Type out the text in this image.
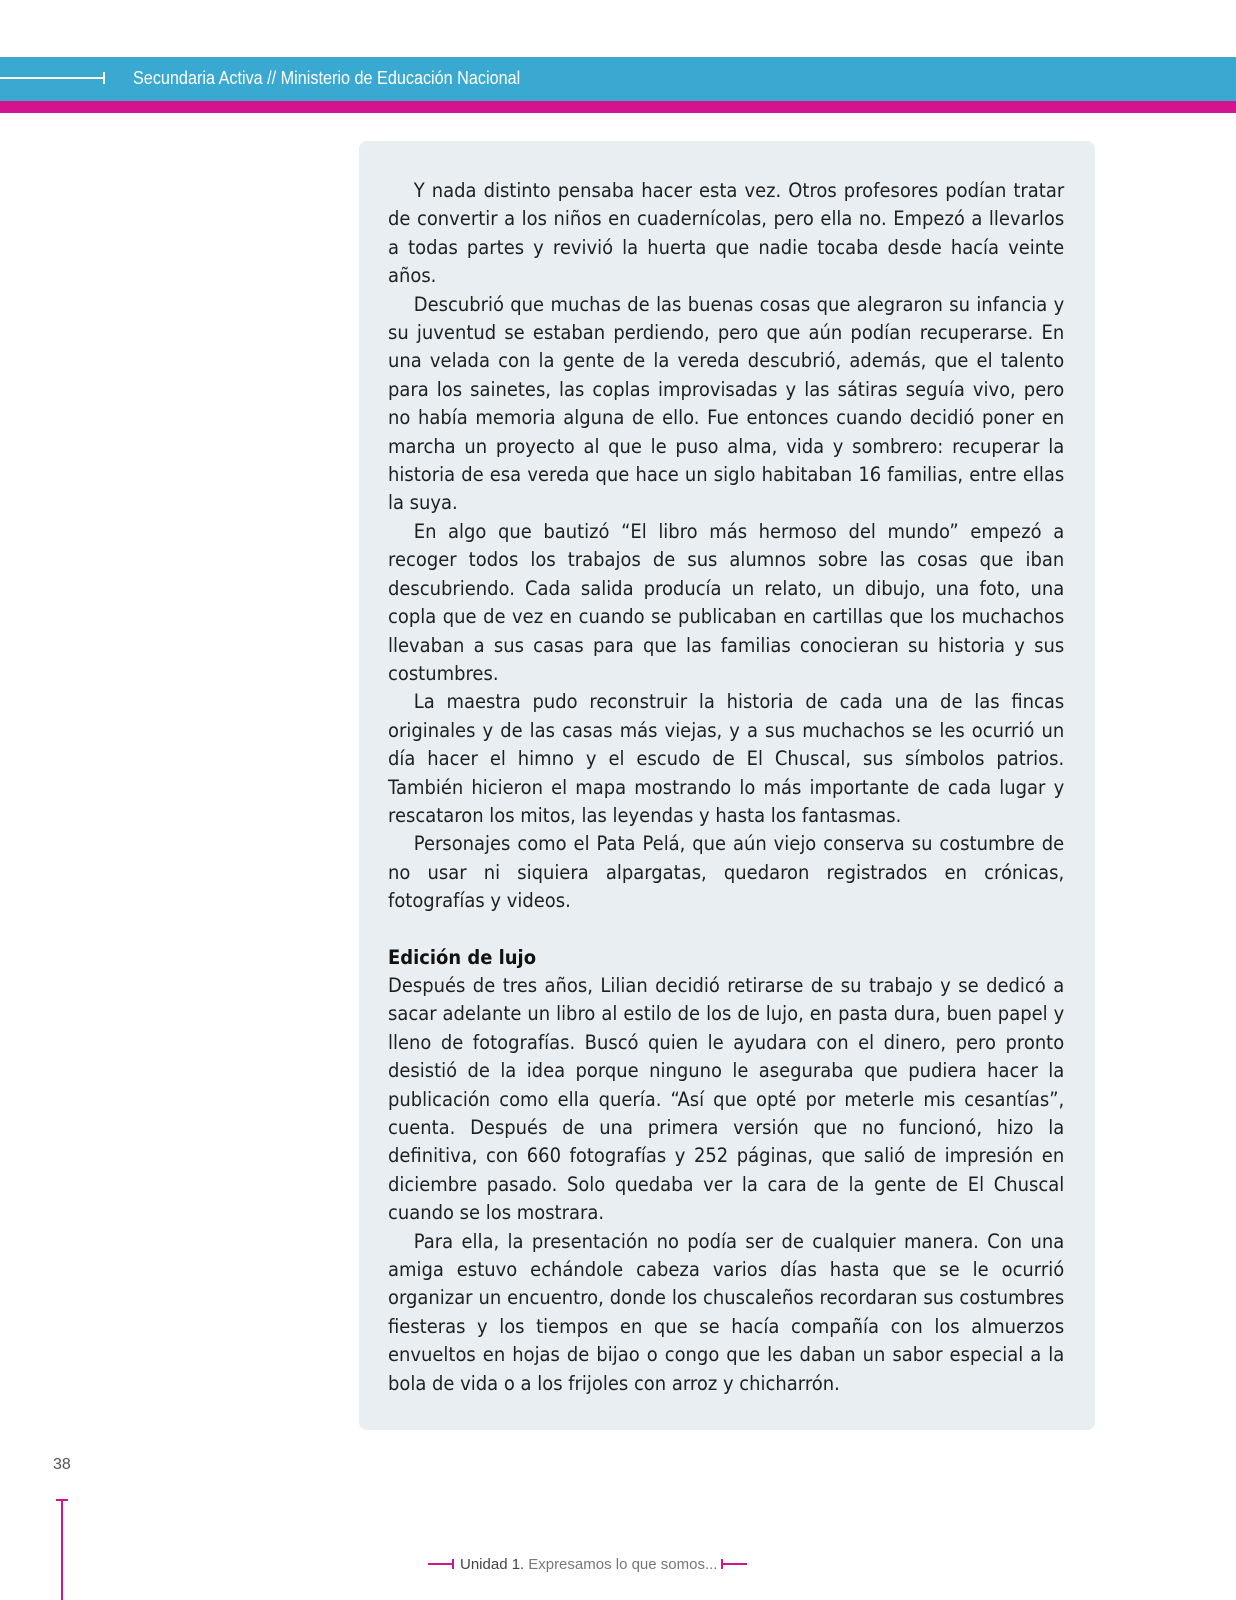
Secundaria Activa // Ministerio de Educación Nacional

Y nada distinto pensaba hacer esta vez. Otros profesores podían tratar de convertir a los niños en cuadernícolas, pero ella no. Empezó a llevarlos a todas partes y revivió la huerta que nadie tocaba desde hacía veinte años.

Descubrió que muchas de las buenas cosas que alegraron su infancia y su juventud se estaban perdiendo, pero que aún podían recuperarse. En una velada con la gente de la vereda descubrió, además, que el talento para los sainetes, las coplas improvisadas y las sátiras seguía vivo, pero no había memoria alguna de ello. Fue entonces cuando decidió poner en marcha un proyecto al que le puso alma, vida y sombrero: recuperar la historia de esa vereda que hace un siglo habitaban 16 familias, entre ellas la suya.

En algo que bautizó “El libro más hermoso del mundo” empezó a recoger todos los trabajos de sus alumnos sobre las cosas que iban descubriendo. Cada salida producía un relato, un dibujo, una foto, una copla que de vez en cuando se publicaban en cartillas que los muchachos llevaban a sus casas para que las familias conocieran su historia y sus costumbres.

La maestra pudo reconstruir la historia de cada una de las fincas originales y de las casas más viejas, y a sus muchachos se les ocurrió un día hacer el himno y el escudo de El Chuscal, sus símbolos patrios. También hicieron el mapa mostrando lo más importante de cada lugar y rescataron los mitos, las leyendas y hasta los fantasmas.

Personajes como el Pata Pelá, que aún viejo conserva su costumbre de no usar ni siquiera alpargatas, quedaron registrados en crónicas, fotografías y videos.

Edición de lujo

Después de tres años, Lilian decidió retirarse de su trabajo y se dedicó a sacar adelante un libro al estilo de los de lujo, en pasta dura, buen papel y lleno de fotografías. Buscó quien le ayudara con el dinero, pero pronto desistió de la idea porque ninguno le aseguraba que pudiera hacer la publicación como ella quería. “Así que opté por meterle mis cesantías”, cuenta. Después de una primera versión que no funcionó, hizo la definitiva, con 660 fotografías y 252 páginas, que salió de impresión en diciembre pasado. Solo quedaba ver la cara de la gente de El Chuscal cuando se los mostrara.

Para ella, la presentación no podía ser de cualquier manera. Con una amiga estuvo echándole cabeza varios días hasta que se le ocurrió organizar un encuentro, donde los chuscaleños recordaran sus costumbres fiesteras y los tiempos en que se hacía compañía con los almuerzos envueltos en hojas de bijao o congo que les daban un sabor especial a la bola de vida o a los frijoles con arroz y chicharrón.

38
Unidad 1. Expresamos lo que somos...
